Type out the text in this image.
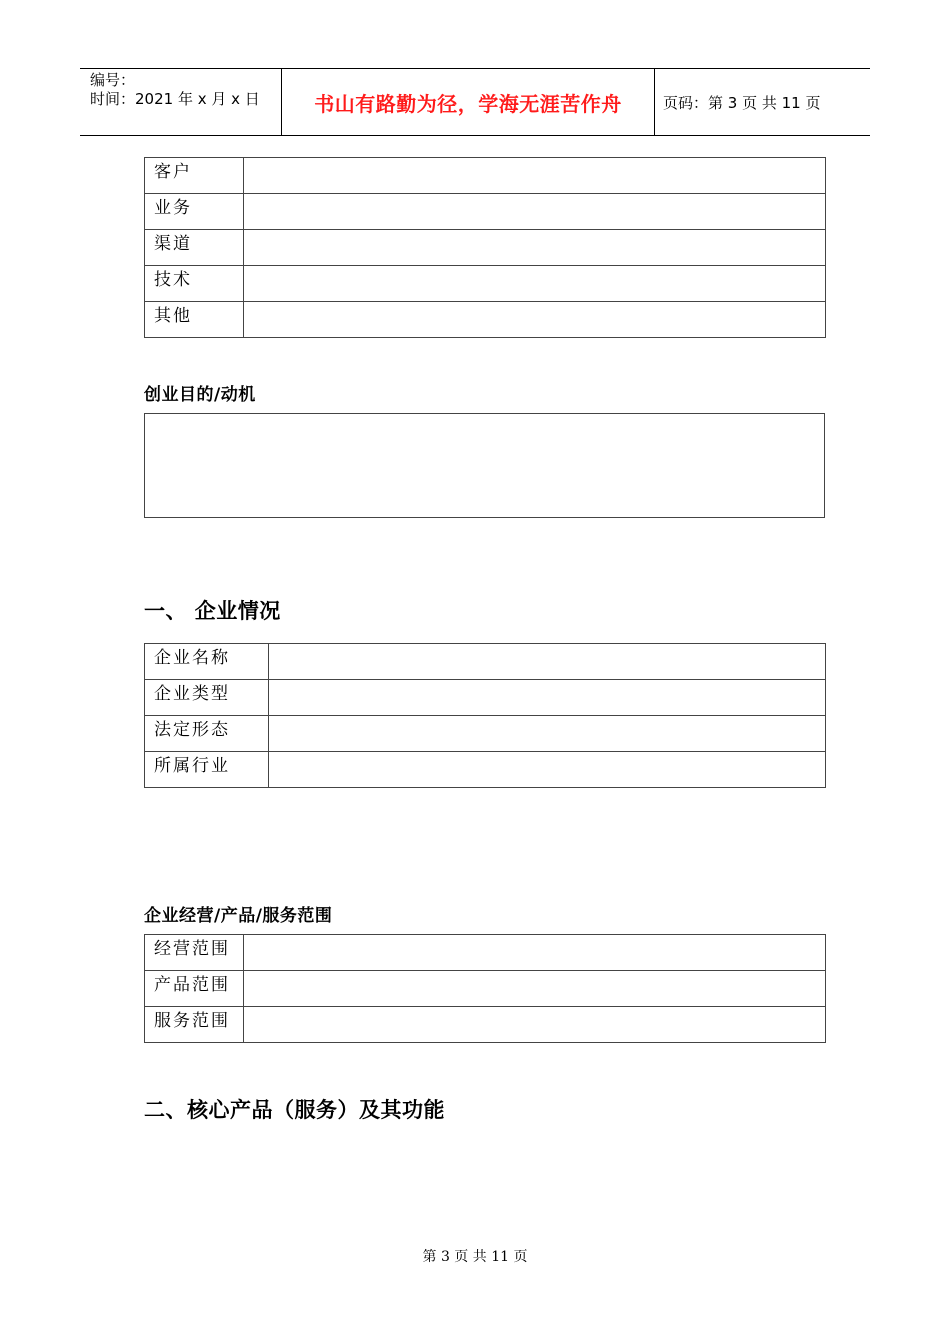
编号：
时间：2021 年 x 月 x 日	书山有路勤为径，学海无涯苦作舟	页码：第 3 页 共 11 页
客户	
业务	
渠道	
技术	
其他	
创业目的/动机
一、 企业情况
企业名称	
企业类型	
法定形态	
所属行业	
企业经营/产品/服务范围
经营范围	
产品范围	
服务范围	
二、核心产品（服务）及其功能
第 3 页 共 11 页
